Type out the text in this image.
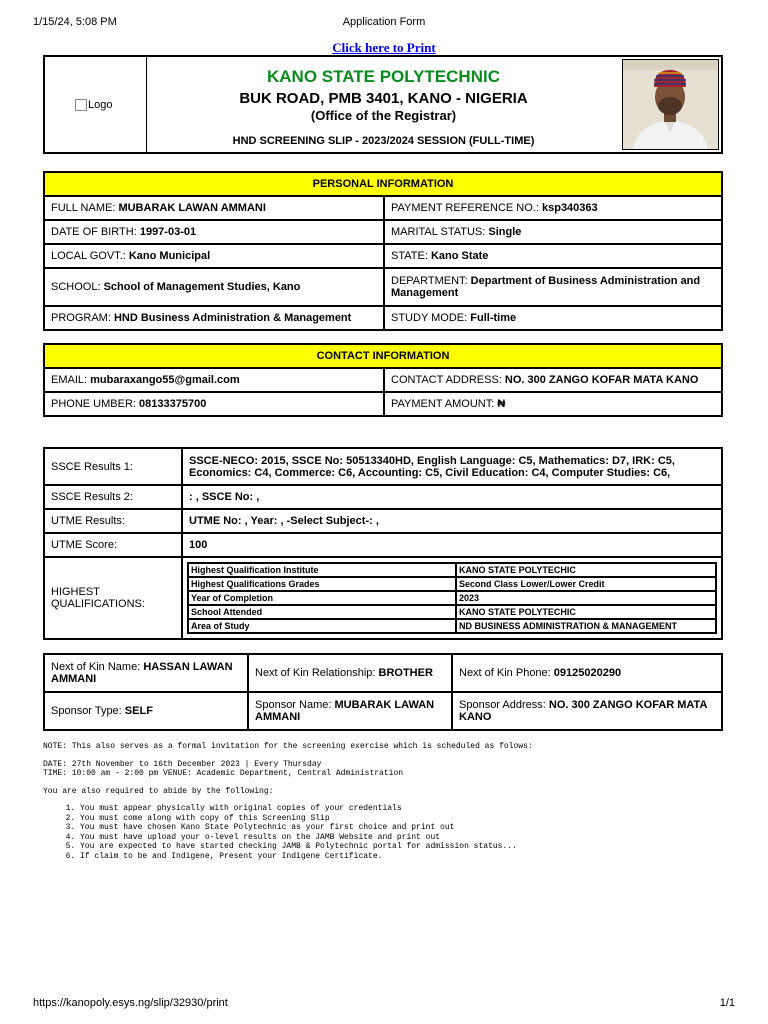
1/15/24, 5:08 PM	Application Form
Click here to Print
Logo
KANO STATE POLYTECHNIC
BUK ROAD, PMB 3401, KANO - NIGERIA
(Office of the Registrar)
HND SCREENING SLIP - 2023/2024 SESSION (FULL-TIME)
PERSONAL INFORMATION	
FULL NAME: MUBARAK LAWAN AMMANI	PAYMENT REFERENCE NO.: ksp340363
DATE OF BIRTH: 1997-03-01	MARITAL STATUS: Single
LOCAL GOVT.: Kano Municipal	STATE: Kano State
SCHOOL: School of Management Studies, Kano	DEPARTMENT: Department of Business Administration and Management
PROGRAM: HND Business Administration & Management	STUDY MODE: Full-time
CONTACT INFORMATION	
EMAIL: mubaraxango55@gmail.com	CONTACT ADDRESS: NO. 300 ZANGO KOFAR MATA KANO
PHONE UMBER: 08133375700	PAYMENT AMOUNT: ₦
SSCE Results 1:	SSCE-NECO: 2015, SSCE No: 50513340HD, English Language: C5, Mathematics: D7, IRK: C5, Economics: C4, Commerce: C6, Accounting: C5, Civil Education: C4, Computer Studies: C6,
SSCE Results 2:	: , SSCE No: ,
UTME Results:	UTME No: , Year: , -Select Subject-: ,
UTME Score:	100
HIGHEST QUALIFICATIONS:	
Highest Qualification Institute	KANO STATE POLYTECHIC
Highest Qualifications Grades	Second Class Lower/Lower Credit
Year of Completion	2023
School Attended	KANO STATE POLYTECHIC
Area of Study	ND BUSINESS ADMINISTRATION & MANAGEMENT
Next of Kin Name: HASSAN LAWAN AMMANI	Next of Kin Relationship: BROTHER	Next of Kin Phone: 09125020290
Sponsor Type: SELF	Sponsor Name: MUBARAK LAWAN AMMANI	Sponsor Address: NO. 300 ZANGO KOFAR MATA KANO

NOTE: This also serves as a formal invitation for the screening exercise which is scheduled as folows:

DATE: 27th November to 16th December 2023 | Every Thursday
TIME: 10:00 am - 2:00 pm VENUE: Academic Department, Central Administration
You are also required to abide by the following:
1. You must appear physically with original copies of your credentials
2. You must come along with copy of this Screening Slip
3. You must have chosen Kano State Polytechnic as your first choice and print out
4. You must have upload your o-level results on the JAMB Website and print out
5. You are expected to have started checking JAMB & Polytechnic portal for admission status...
6. If claim to be and Indigene, Present your Indigene Certificate.
https://kanopoly.esys.ng/slip/32930/print	1/1
